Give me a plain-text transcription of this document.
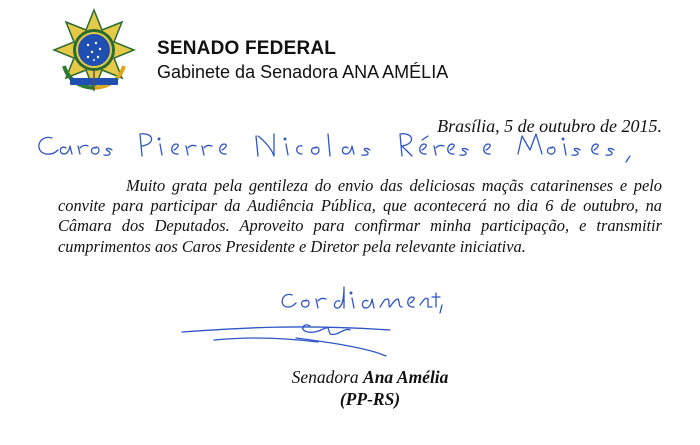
SENADO FEDERAL
Gabinete da Senadora ANA AMÉLIA
Brasília, 5 de outubro de 2015.

Muito grata pela gentileza do envio das deliciosas maçãs catarinenses e pelo convite para participar da Audiência Pública, que acontecerá no dia 6 de outubro, na Câmara dos Deputados. Aproveito para confirmar minha participação, e transmitir cumprimentos aos Caros Presidente e Diretor pela relevante iniciativa.

Senadora Ana Amélia
(PP-RS)
